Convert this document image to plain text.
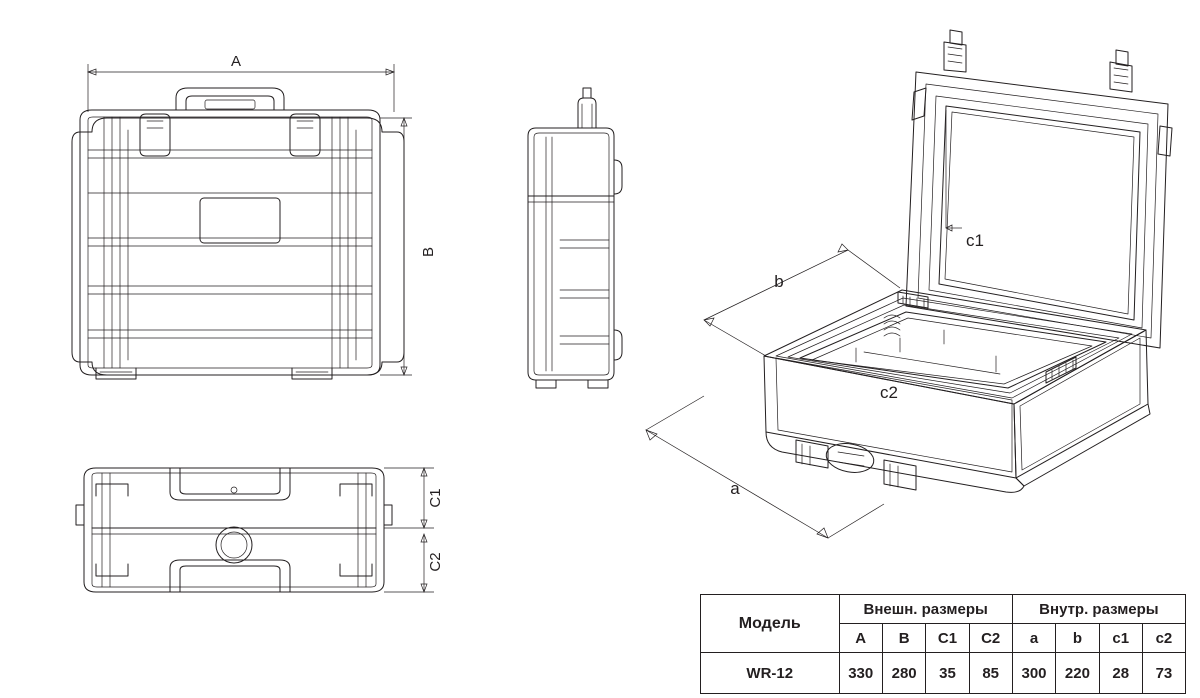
A
B
C1
C2
c1
c2
b
a
Модель	Внешн. размеры				Внутр. размеры			
	A	B	C1	C2	a	b	c1	c2
WR-12	330	280	35	85	300	220	28	73
